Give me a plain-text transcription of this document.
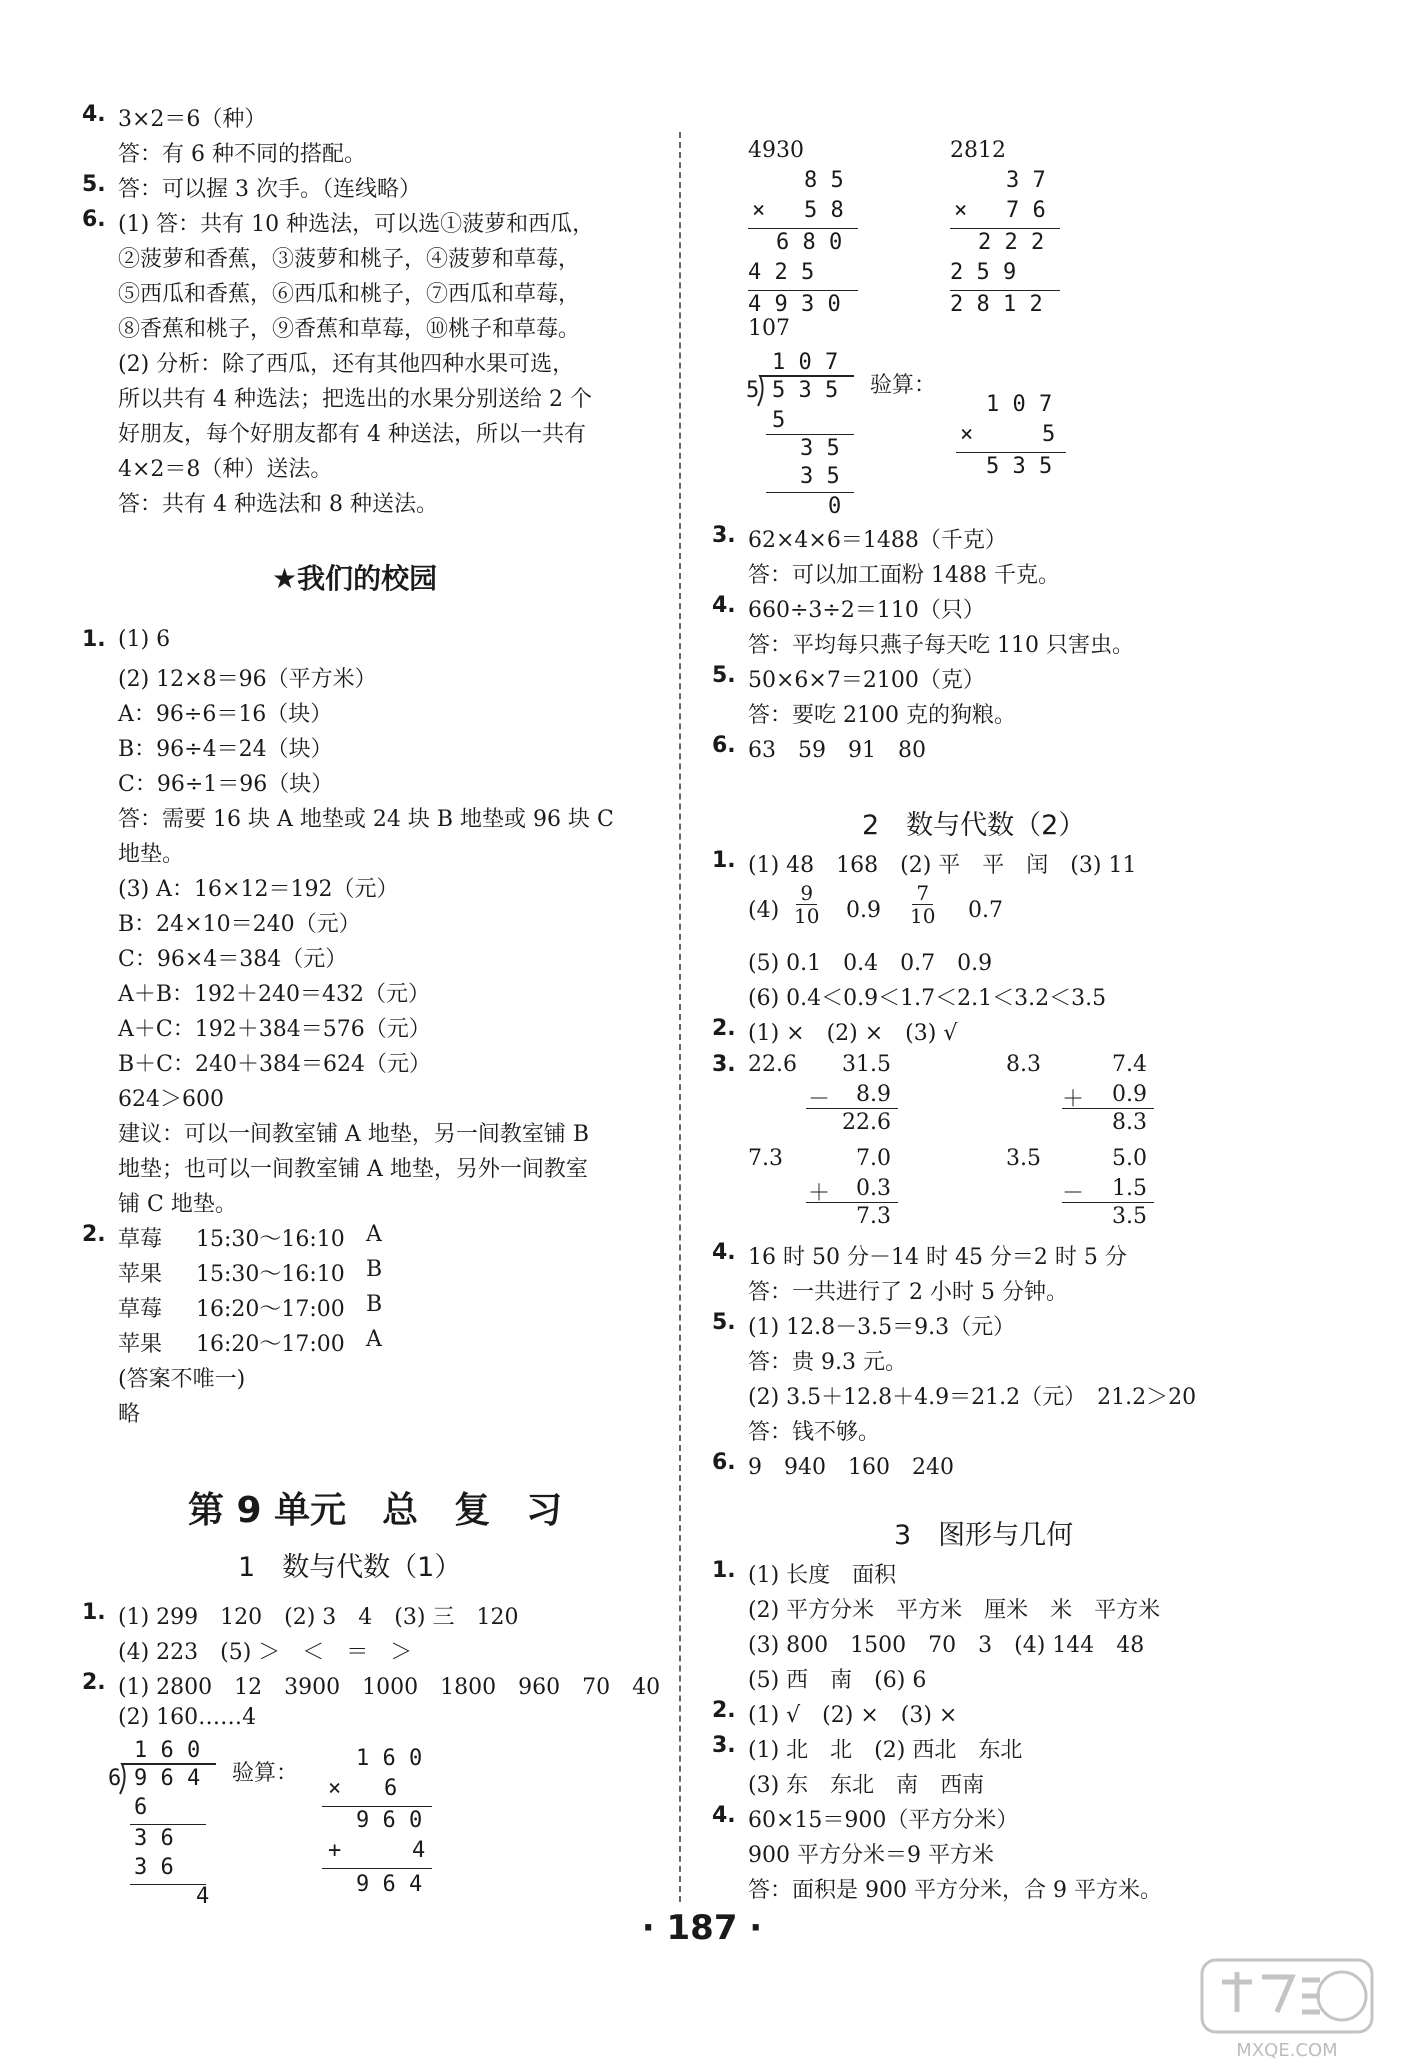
4. 3×2＝6（种）
答：有 6 种不同的搭配。
5. 答：可以握 3 次手。（连线略）
6. (1) 答：共有 10 种选法，可以选①菠萝和西瓜，
②菠萝和香蕉，③菠萝和桃子，④菠萝和草莓，
⑤西瓜和香蕉，⑥西瓜和桃子，⑦西瓜和草莓，
⑧香蕉和桃子，⑨香蕉和草莓，⑩桃子和草莓。
(2) 分析：除了西瓜，还有其他四种水果可选，
所以共有 4 种选法；把选出的水果分别送给 2 个
好朋友，每个好朋友都有 4 种送法，所以一共有
4×2＝8（种）送法。
答：共有 4 种选法和 8 种送法。
★我们的校园
1. (1) 6
(2) 12×8＝96（平方米）
A：96÷6＝16（块）
B：96÷4＝24（块）
C：96÷1＝96（块）
答：需要 16 块 A 地垫或 24 块 B 地垫或 96 块 C
地垫。
(3) A：16×12＝192（元）
B：24×10＝240（元）
C：96×4＝384（元）
A＋B：192＋240＝432（元）
A＋C：192＋384＝576（元）
B＋C：240＋384＝624（元）
624＞600
建议：可以一间教室铺 A 地垫，另一间教室铺 B
地垫；也可以一间教室铺 A 地垫，另外一间教室
铺 C 地垫。
2. 草莓 15:30～16:10 A
苹果 15:30～16:10 B
草莓 16:20～17:00 B
苹果 16:20～17:00 A
(答案不唯一)
略
第 9 单元　总　复　习
1　数与代数（1）
1. (1) 299　120　(2) 3　4　(3) 三　120
(4) 223　(5) ＞　＜　＝　＞
2. (1) 2800　12　3900　1000　1800　960　70　40
(2) 160……4
1 6 0
6 9 6 4
6
3 6
3 6
4
验算：
1 6 0
× 6
9 6 0
+	4
9 6 4
4930	2812
8 5
× 5 8
6 8 0
4 2 5
4 9 3 0
3 7
× 7 6
2 2 2
2 5 9
2 8 1 2
107
1 0 7
5 5 3 5
5
3 5
3 5
0
验算：
1 0 7
×	5
5 3 5
3. 62×4×6＝1488（千克）
答：可以加工面粉 1488 千克。
4. 660÷3÷2＝110（只）
答：平均每只燕子每天吃 110 只害虫。
5. 50×6×7＝2100（克）
答：要吃 2100 克的狗粮。
6. 63　59　91　80
2　数与代数（2）
1. (1) 48　168　(2) 平　平　闰　(3) 11
$(4) \frac{9}{10} 0.9 \frac{7}{10} 0.7$
(5) 0.1　0.4　0.7　0.9
(6) 0.4＜0.9＜1.7＜2.1＜3.2＜3.5
2. (1) ×　(2) ×　(3) √
3. 22.6 31.5
－ 8.9
22.6
8.3	7.4
＋ 0.9
8.3
7.3	7.0
＋ 0.3
7.3
3.5	5.0
－ 1.5
3.5
4. 16 时 50 分－14 时 45 分＝2 时 5 分
答：一共进行了 2 小时 5 分钟。
5. (1) 12.8－3.5＝9.3（元）
答：贵 9.3 元。
(2) 3.5＋12.8＋4.9＝21.2（元）　21.2＞20
答：钱不够。
6. 9　940　160　240
3　图形与几何
1. (1) 长度　面积
(2) 平方分米　平方米　厘米　米　平方米
(3) 800　1500　70　3　(4) 144　48
(5) 西　南　(6) 6
2. (1) √　(2) ×　(3) ×
3. (1) 北　北　(2) 西北　东北
(3) 东　东北　南　西南
4. 60×15＝900（平方分米）
900 平方分米＝9 平方米
答：面积是 900 平方分米，合 9 平方米。
· 187 ·
MXQE.COM
